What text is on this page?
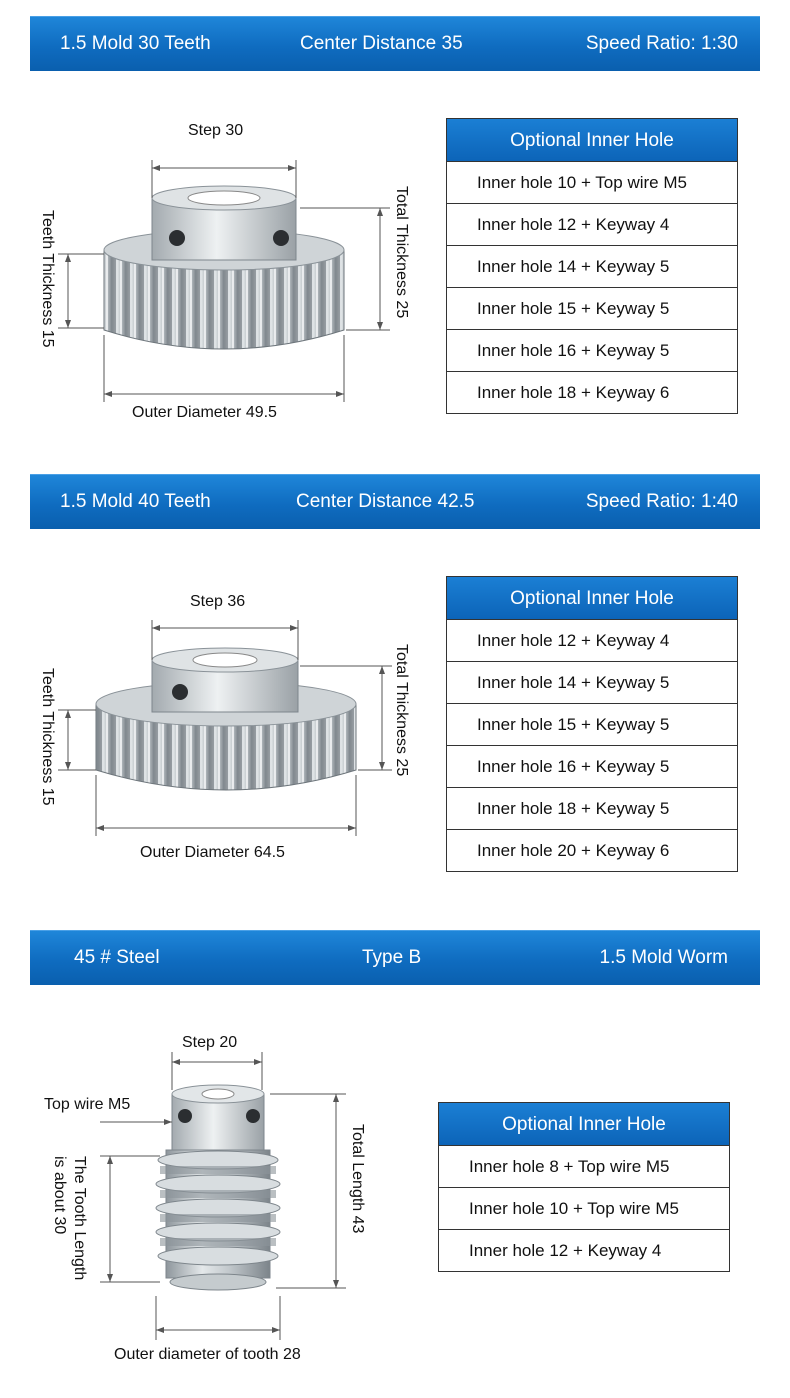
1.5 Mold 30 Teeth	Center Distance 35	Speed Ratio: 1:30
Step 30
Teeth Thickness 15	Total Thickness 25
Outer Diameter 49.5
Optional Inner Hole
Inner hole 10 + Top wire M5
Inner hole 12 + Keyway 4
Inner hole 14 + Keyway 5
Inner hole 15 + Keyway 5
Inner hole 16 + Keyway 5
Inner hole 18 + Keyway 6
1.5 Mold 40 Teeth	Center Distance 42.5	Speed Ratio: 1:40
Step 36
Teeth Thickness 15	Total Thickness 25
Outer Diameter 64.5
Optional Inner Hole
Inner hole 12 + Keyway 4
Inner hole 14 + Keyway 5
Inner hole 15 + Keyway 5
Inner hole 16 + Keyway 5
Inner hole 18 + Keyway 5
Inner hole 20 + Keyway 6
45 # Steel	Type B	1.5 Mold Worm
Step 20
Top wire M5
The Tooth Length
is about 30	Total Length 43
Outer diameter of tooth 28
Optional Inner Hole
Inner hole 8 + Top wire M5
Inner hole 10 + Top wire M5
Inner hole 12 + Keyway 4
